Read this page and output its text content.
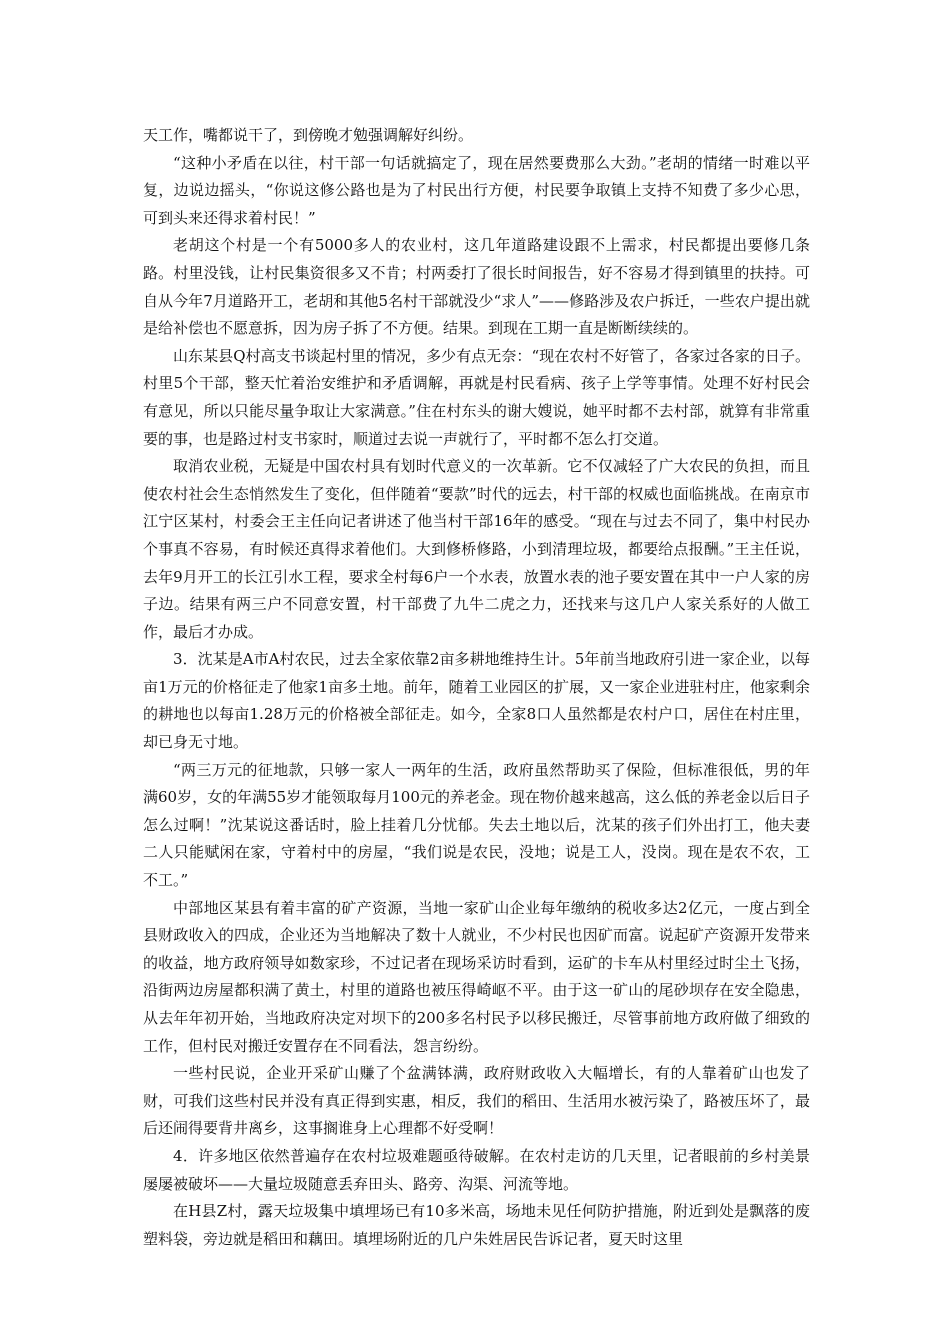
天工作，嘴都说干了，到傍晚才勉强调解好纠纷。

“这种小矛盾在以往，村干部一句话就搞定了，现在居然要费那么大劲。”老胡的情绪一时难以平复，边说边摇头，“你说这修公路也是为了村民出行方便，村民要争取镇上支持不知费了多少心思，可到头来还得求着村民！”

老胡这个村是一个有5000多人的农业村，这几年道路建设跟不上需求，村民都提出要修几条路。村里没钱，让村民集资很多又不肯；村两委打了很长时间报告，好不容易才得到镇里的扶持。可自从今年7月道路开工，老胡和其他5名村干部就没少“求人”——修路涉及农户拆迁，一些农户提出就是给补偿也不愿意拆，因为房子拆了不方便。结果。到现在工期一直是断断续续的。

山东某县Q村高支书谈起村里的情况，多少有点无奈：“现在农村不好管了，各家过各家的日子。村里5个干部，整天忙着治安维护和矛盾调解，再就是村民看病、孩子上学等事情。处理不好村民会有意见，所以只能尽量争取让大家满意。”住在村东头的谢大嫂说，她平时都不去村部，就算有非常重要的事，也是路过村支书家时，顺道过去说一声就行了，平时都不怎么打交道。

取消农业税，无疑是中国农村具有划时代意义的一次革新。它不仅减轻了广大农民的负担，而且使农村社会生态悄然发生了变化，但伴随着“要款”时代的远去，村干部的权威也面临挑战。在南京市江宁区某村，村委会王主任向记者讲述了他当村干部16年的感受。“现在与过去不同了，集中村民办个事真不容易，有时候还真得求着他们。大到修桥修路，小到清理垃圾，都要给点报酬。”王主任说，去年9月开工的长江引水工程，要求全村每6户一个水表，放置水表的池子要安置在其中一户人家的房子边。结果有两三户不同意安置，村干部费了九牛二虎之力，还找来与这几户人家关系好的人做工作，最后才办成。

3．沈某是A市A村农民，过去全家依靠2亩多耕地维持生计。5年前当地政府引进一家企业，以每亩1万元的价格征走了他家1亩多土地。前年，随着工业园区的扩展，又一家企业进驻村庄，他家剩余的耕地也以每亩1.28万元的价格被全部征走。如今，全家8口人虽然都是农村户口，居住在村庄里，却已身无寸地。

“两三万元的征地款，只够一家人一两年的生活，政府虽然帮助买了保险，但标准很低，男的年满60岁，女的年满55岁才能领取每月100元的养老金。现在物价越来越高，这么低的养老金以后日子怎么过啊！”沈某说这番话时，脸上挂着几分忧郁。失去土地以后，沈某的孩子们外出打工，他夫妻二人只能赋闲在家，守着村中的房屋，“我们说是农民，没地；说是工人，没岗。现在是农不农，工不工。”

中部地区某县有着丰富的矿产资源，当地一家矿山企业每年缴纳的税收多达2亿元，一度占到全县财政收入的四成，企业还为当地解决了数十人就业，不少村民也因矿而富。说起矿产资源开发带来的收益，地方政府领导如数家珍，不过记者在现场采访时看到，运矿的卡车从村里经过时尘土飞扬，沿街两边房屋都积满了黄土，村里的道路也被压得崎岖不平。由于这一矿山的尾砂坝存在安全隐患，从去年年初开始，当地政府决定对坝下的200多名村民予以移民搬迁，尽管事前地方政府做了细致的工作，但村民对搬迁安置存在不同看法，怨言纷纷。

一些村民说，企业开采矿山赚了个盆满钵满，政府财政收入大幅增长，有的人靠着矿山也发了财，可我们这些村民并没有真正得到实惠，相反，我们的稻田、生活用水被污染了，路被压坏了，最后还闹得要背井离乡，这事搁谁身上心理都不好受啊！

4．许多地区依然普遍存在农村垃圾难题亟待破解。在农村走访的几天里，记者眼前的乡村美景屡屡被破坏——大量垃圾随意丢弃田头、路旁、沟渠、河流等地。

在H县Z村，露天垃圾集中填埋场已有10多米高，场地未见任何防护措施，附近到处是飘落的废塑料袋，旁边就是稻田和藕田。填埋场附近的几户朱姓居民告诉记者，夏天时这里
